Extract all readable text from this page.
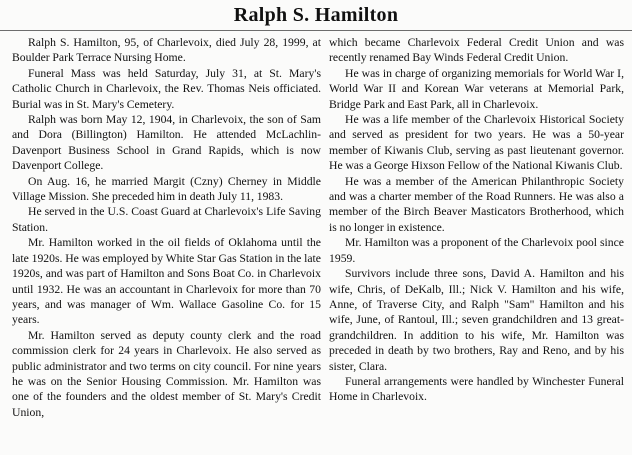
Ralph S. Hamilton

Ralph S. Hamilton, 95, of Charlevoix, died July 28, 1999, at Boulder Park Terrace Nursing Home.

Funeral Mass was held Saturday, July 31, at St. Mary's Catholic Church in Charlevoix, the Rev. Thomas Neis officiated. Burial was in St. Mary's Cemetery.

Ralph was born May 12, 1904, in Charlevoix, the son of Sam and Dora (Billington) Hamilton. He attended McLachlin-Davenport Business School in Grand Rapids, which is now Davenport College.

On Aug. 16, he married Margit (Czny) Cherney in Middle Village Mission. She preceded him in death July 11, 1983.

He served in the U.S. Coast Guard at Charlevoix's Life Saving Station.

Mr. Hamilton worked in the oil fields of Oklahoma until the late 1920s. He was employed by White Star Gas Station in the late 1920s, and was part of Hamilton and Sons Boat Co. in Charlevoix until 1932. He was an accountant in Charlevoix for more than 70 years, and was manager of Wm. Wallace Gasoline Co. for 15 years.

Mr. Hamilton served as deputy county clerk and the road commission clerk for 24 years in Charlevoix. He also served as public administrator and two terms on city council. For nine years he was on the Senior Housing Commission. Mr. Hamilton was one of the founders and the oldest member of St. Mary's Credit Union,

which became Charlevoix Federal Credit Union and was recently renamed Bay Winds Federal Credit Union.

He was in charge of organizing memorials for World War I, World War II and Korean War veterans at Memorial Park, Bridge Park and East Park, all in Charlevoix.

He was a life member of the Charlevoix Historical Society and served as president for two years. He was a 50-year member of Kiwanis Club, serving as past lieutenant governor. He was a George Hixson Fellow of the National Kiwanis Club.

He was a member of the American Philanthropic Society and was a charter member of the Road Runners. He was also a member of the Birch Beaver Masticators Brotherhood, which is no longer in existence.

Mr. Hamilton was a proponent of the Charlevoix pool since 1959.

Survivors include three sons, David A. Hamilton and his wife, Chris, of DeKalb, Ill.; Nick V. Hamilton and his wife, Anne, of Traverse City, and Ralph "Sam" Hamilton and his wife, June, of Rantoul, Ill.; seven grandchildren and 13 great-grandchildren. In addition to his wife, Mr. Hamilton was preceded in death by two brothers, Ray and Reno, and by his sister, Clara.

Funeral arrangements were handled by Winchester Funeral Home in Charlevoix.
